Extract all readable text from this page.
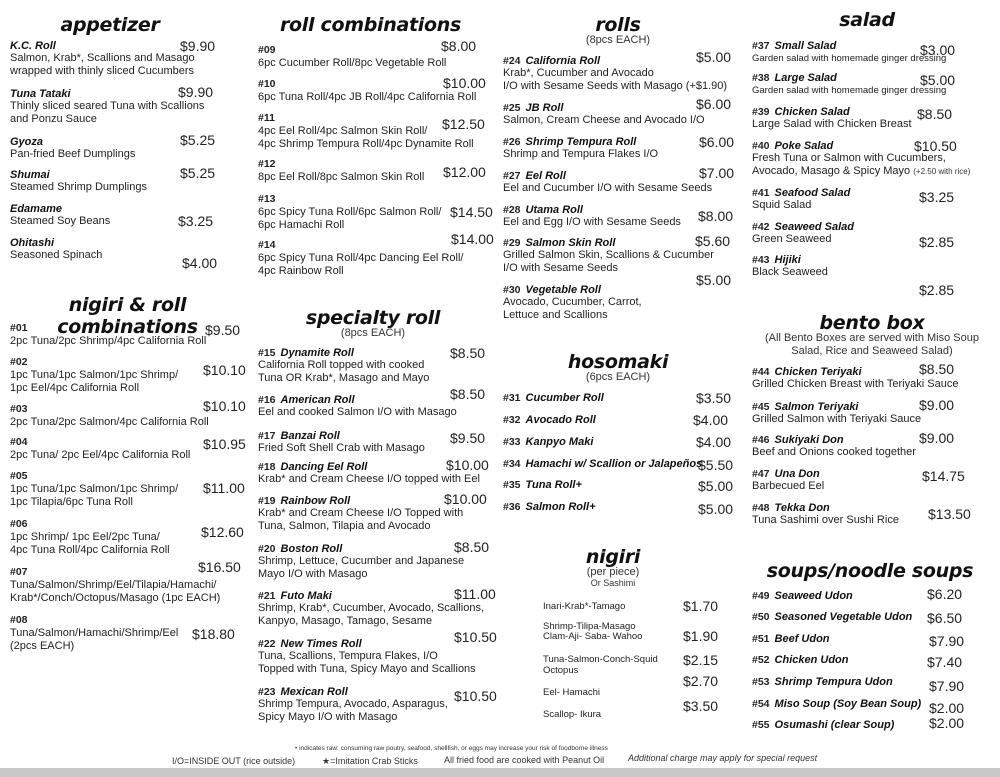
appetizer
K.C. Roll
Salmon, Krab*, Scallions and Masago
wrapped with thinly sliced Cucumbers
$9.90
Tuna Tataki
Thinly sliced seared Tuna with Scallions
and Ponzu Sauce
$9.90
Gyoza
Pan-fried Beef Dumplings
$5.25
Shumai
Steamed Shrimp Dumplings
$5.25
Edamame
Steamed Soy Beans	$3.25
Ohitashi
Seasoned Spinach	$4.00
nigiri & roll combinations
#01
2pc Tuna/2pc Shrimp/4pc California Roll
$9.50
#02
1pc Tuna/1pc Salmon/1pc Shrimp/
1pc Eel/4pc California Roll
$10.10
#03
2pc Tuna/2pc Salmon/4pc California Roll
$10.10
#04
2pc Tuna/ 2pc Eel/4pc California Roll
$10.95
#05
1pc Tuna/1pc Salmon/1pc Shrimp/
1pc Tilapia/6pc Tuna Roll
$11.00
#06
1pc Shrimp/ 1pc Eel/2pc Tuna/
4pc Tuna Roll/4pc California Roll
$12.60
#07
Tuna/Salmon/Shrimp/Eel/Tilapia/Hamachi/
Krab*/Conch/Octopus/Masago (1pc EACH)
$16.50
#08
Tuna/Salmon/Hamachi/Shrimp/Eel
(2pcs EACH)
$18.80
roll combinations
#09
6pc Cucumber Roll/8pc Vegetable Roll
$8.00
#10
6pc Tuna Roll/4pc JB Roll/4pc California Roll
$10.00
#11
4pc Eel Roll/4pc Salmon Skin Roll/
4pc Shrimp Tempura Roll/4pc Dynamite Roll
$12.50
#12
8pc Eel Roll/8pc Salmon Skin Roll	$12.00
#13
6pc Spicy Tuna Roll/6pc Salmon Roll/
6pc Hamachi Roll
$14.50
#14
6pc Spicy Tuna Roll/4pc Dancing Eel Roll/
4pc Rainbow Roll
$14.00
specialty roll
(8pcs EACH)
#15 Dynamite Roll
California Roll topped with cooked
Tuna OR Krab*, Masago and Mayo
$8.50
#16 American Roll
Eel and cooked Salmon I/O with Masago
$8.50
#17 Banzai Roll
Fried Soft Shell Crab with Masago
$9.50
#18 Dancing Eel Roll
Krab* and Cream Cheese I/O topped with Eel
$10.00
#19 Rainbow Roll
Krab* and Cream Cheese I/O Topped with
Tuna, Salmon, Tilapia and Avocado
$10.00
#20 Boston Roll
Shrimp, Lettuce, Cucumber and Japanese
Mayo I/O with Masago
$8.50
#21 Futo Maki
Shrimp, Krab*, Cucumber, Avocado, Scallions,
Kanpyo, Masago, Tamago, Sesame
$11.00
#22 New Times Roll
Tuna, Scallions, Tempura Flakes, I/O
Topped with Tuna, Spicy Mayo and Scallions
$10.50
#23 Mexican Roll
Shrimp Tempura, Avocado, Asparagus,
Spicy Mayo I/O with Masago
$10.50
rolls
(8pcs EACH)
#24 California Roll
Krab*, Cucumber and Avocado
I/O with Sesame Seeds with Masago (+$1.90)
$5.00
#25 JB Roll
Salmon, Cream Cheese and Avocado I/O
$6.00
#26 Shrimp Tempura Roll
Shrimp and Tempura Flakes I/O
$6.00
#27 Eel Roll
Eel and Cucumber I/O with Sesame Seeds
$7.00
#28 Utama Roll
Eel and Egg I/O with Sesame Seeds	$8.00
#29 Salmon Skin Roll
Grilled Salmon Skin, Scallions & Cucumber
I/O with Sesame Seeds
$5.60
#30 Vegetable Roll
Avocado, Cucumber, Carrot,
Lettuce and Scallions
$5.00
hosomaki
(6pcs EACH)
#31 Cucumber Roll	$3.50
#32 Avocado Roll	$4.00
#33 Kanpyo Maki	$4.00
#34 Hamachi w/ Scallion or Jalapeños
$5.50
#35 Tuna Roll+	$5.00
#36 Salmon Roll+	$5.00
nigiri
(per piece)
Or Sashimi
Inari-Krab*-Tamago	$1.70
Shrimp-Tilipa-Masago
Clam-Aji- Saba- Wahoo	$1.90
Tuna-Salmon-Conch-Squid
Octopus
$2.15
Eel- Hamachi
$2.70
Scallop- Ikura
$3.50
salad
#37 Small Salad
Garden salad with homemade ginger dressing
$3.00
#38 Large Salad
Garden salad with homemade ginger dressing
$5.00
#39 Chicken Salad
Large Salad with Chicken Breast
$8.50
#40 Poke Salad
Fresh Tuna or Salmon with Cucumbers,
Avocado, Masago & Spicy Mayo (+2.50 with rice)
$10.50
#41 Seafood Salad
Squid Salad	$3.25
#42 Seaweed Salad
Green Seaweed	$2.85
#43 Hijiki
Black Seaweed
$2.85
bento box
(All Bento Boxes are served with Miso Soup
Salad, Rice and Seaweed Salad)
#44 Chicken Teriyaki
Grilled Chicken Breast with Teriyaki Sauce
$8.50
#45 Salmon Teriyaki
Grilled Salmon with Teriyaki Sauce
$9.00
#46 Sukiyaki Don
Beef and Onions cooked together
$9.00
#47 Una Don
Barbecued Eel
$14.75
#48 Tekka Don
Tuna Sashimi over Sushi Rice	$13.50
soups/noodle soups
#49 Seaweed Udon	$6.20
#50 Seasoned Vegetable Udon	$6.50
#51 Beef Udon	$7.90
#52 Chicken Udon	$7.40
#53 Shrimp Tempura Udon	$7.90
#54 Miso Soup (Soy Bean Soup) $2.00
#55 Osumashi (clear Soup)	$2.00
• indicates raw: consuming raw poutry, seafood, shellfish, or eggs may increase your risk of foodborne illness
I/O=INSIDE OUT (rice outside)	★=Imitation Crab Sticks	All fried food are cooked with Peanut Oil	Additional charge may apply for special request
